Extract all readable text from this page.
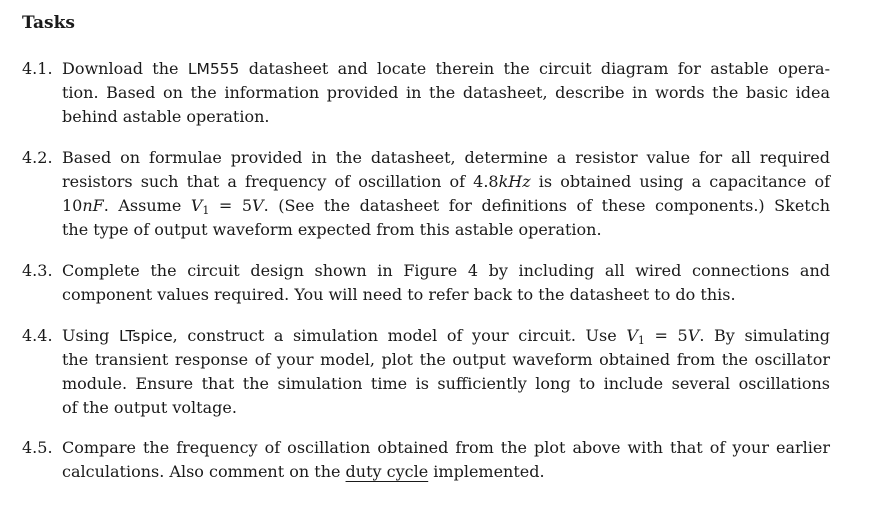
Tasks
4.1. Download the LM555 datasheet and locate therein the circuit diagram for astable opera-
tion. Based on the information provided in the datasheet, describe in words the basic idea
behind astable operation.
4.2. Based on formulae provided in the datasheet, determine a resistor value for all required
resistors such that a frequency of oscillation of 4.8kHz is obtained using a capacitance of
10nF. Assume $V_1 = 5V$. (See the datasheet for definitions of these components.) Sketch
the type of output waveform expected from this astable operation.
4.3. Complete the circuit design shown in Figure 4 by including all wired connections and
component values required. You will need to refer back to the datasheet to do this.
4.4. Using LTspice, construct a simulation model of your circuit. Use $V_1 = 5V$. By simulating
the transient response of your model, plot the output waveform obtained from the oscillator
module. Ensure that the simulation time is sufficiently long to include several oscillations
of the output voltage.
4.5. Compare the frequency of oscillation obtained from the plot above with that of your earlier
calculations. Also comment on the duty cycle implemented.
